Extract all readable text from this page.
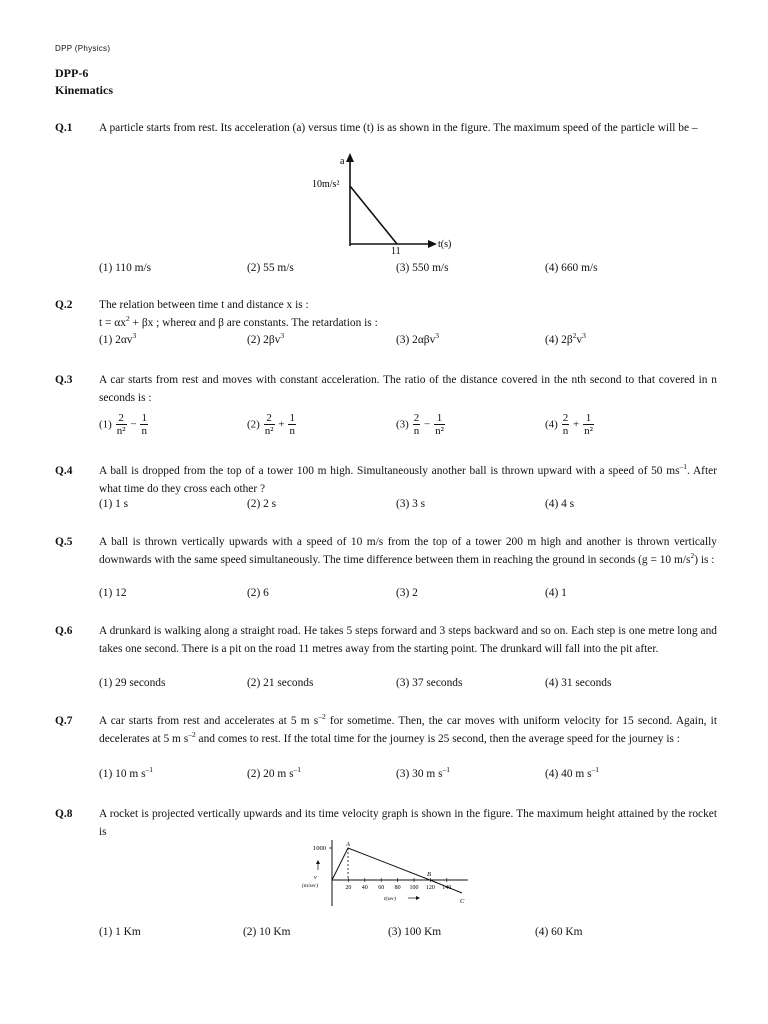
DPP (Physics)
DPP-6
Kinematics
Q.1 A particle starts from rest. Its acceleration (a) versus time (t) is as shown in the figure. The maximum speed of the particle will be –
a
10m/s²
11
t(s)
(1) 110 m/s	(2) 55 m/s	(3) 550 m/s	(4) 660 m/s
Q.2 The relation between time t and distance x is :
$t = \alpha x^2 + \beta x$ ; whereα and β are constants. The retardation is :
(1) $2\alpha v^3$	(2) $2\beta v^3$	(3) 2αβv$^3$	(4) $2\beta^2v^3$
Q.3 A car starts from rest and moves with constant acceleration. The ratio of the distance covered in the nth second to that covered in n seconds is :
$(1) \frac{2}{\text{n²}} - \frac{1}{n}$	$(2) \frac{2}{\text{n²}} + \frac{1}{n}$	$(3) \frac{2}{n} - \frac{1}{\text{n²}}$	$(4) \frac{2}{n} + \frac{1}{\text{n²}}$
Q.4 A ball is dropped from the top of a tower 100 m high. Simultaneously another ball is thrown upward with a speed of 50 $ms^{-1}$. After what time do they cross each other ?
(1) 1 s	(2) 2 s	(3) 3 s	(4) 4 s
Q.5 A ball is thrown vertically upwards with a speed of 10 m/s from the top of a tower 200 m high and another is thrown vertically downwards with the same speed simultaneously. The time difference between them in reaching the ground in seconds (g = 10 $m/s^2$) is :
(1) 12	(2) 6	(3) 2	(4) 1
Q.6 A drunkard is walking along a straight road. He takes 5 steps forward and 3 steps backward and so on. Each step is one metre long and takes one second. There is a pit on the road 11 metres away from the starting point. The drunkard will fall into the pit after.
(1) 29 seconds	(2) 21 seconds	(3) 37 seconds	(4) 31 seconds
Q.7 A car starts from rest and accelerates at 5 m $s^{-2}$ for sometime. Then, the car moves with uniform velocity for 15 second. Again, it decelerates at 5 m $s^{-2}$ and comes to rest. If the total time for the journey is 25 second, then the average speed for the journey is :
(1) 10 m $s^{-1}$	(2) 20 m $s^{-1}$	(3) 30 m $s^{-1}$	(4) 40 m $s^{-1}$
Q.8 A rocket is projected vertically upwards and its time velocity graph is shown in the figure. The maximum height attained by the rocket is
20 40 60 80 100 120 140
1000
A
B
C
v
(m/sec)
t(sec)
(1) 1 Km	(2) 10 Km	(3) 100 Km	(4) 60 Km
